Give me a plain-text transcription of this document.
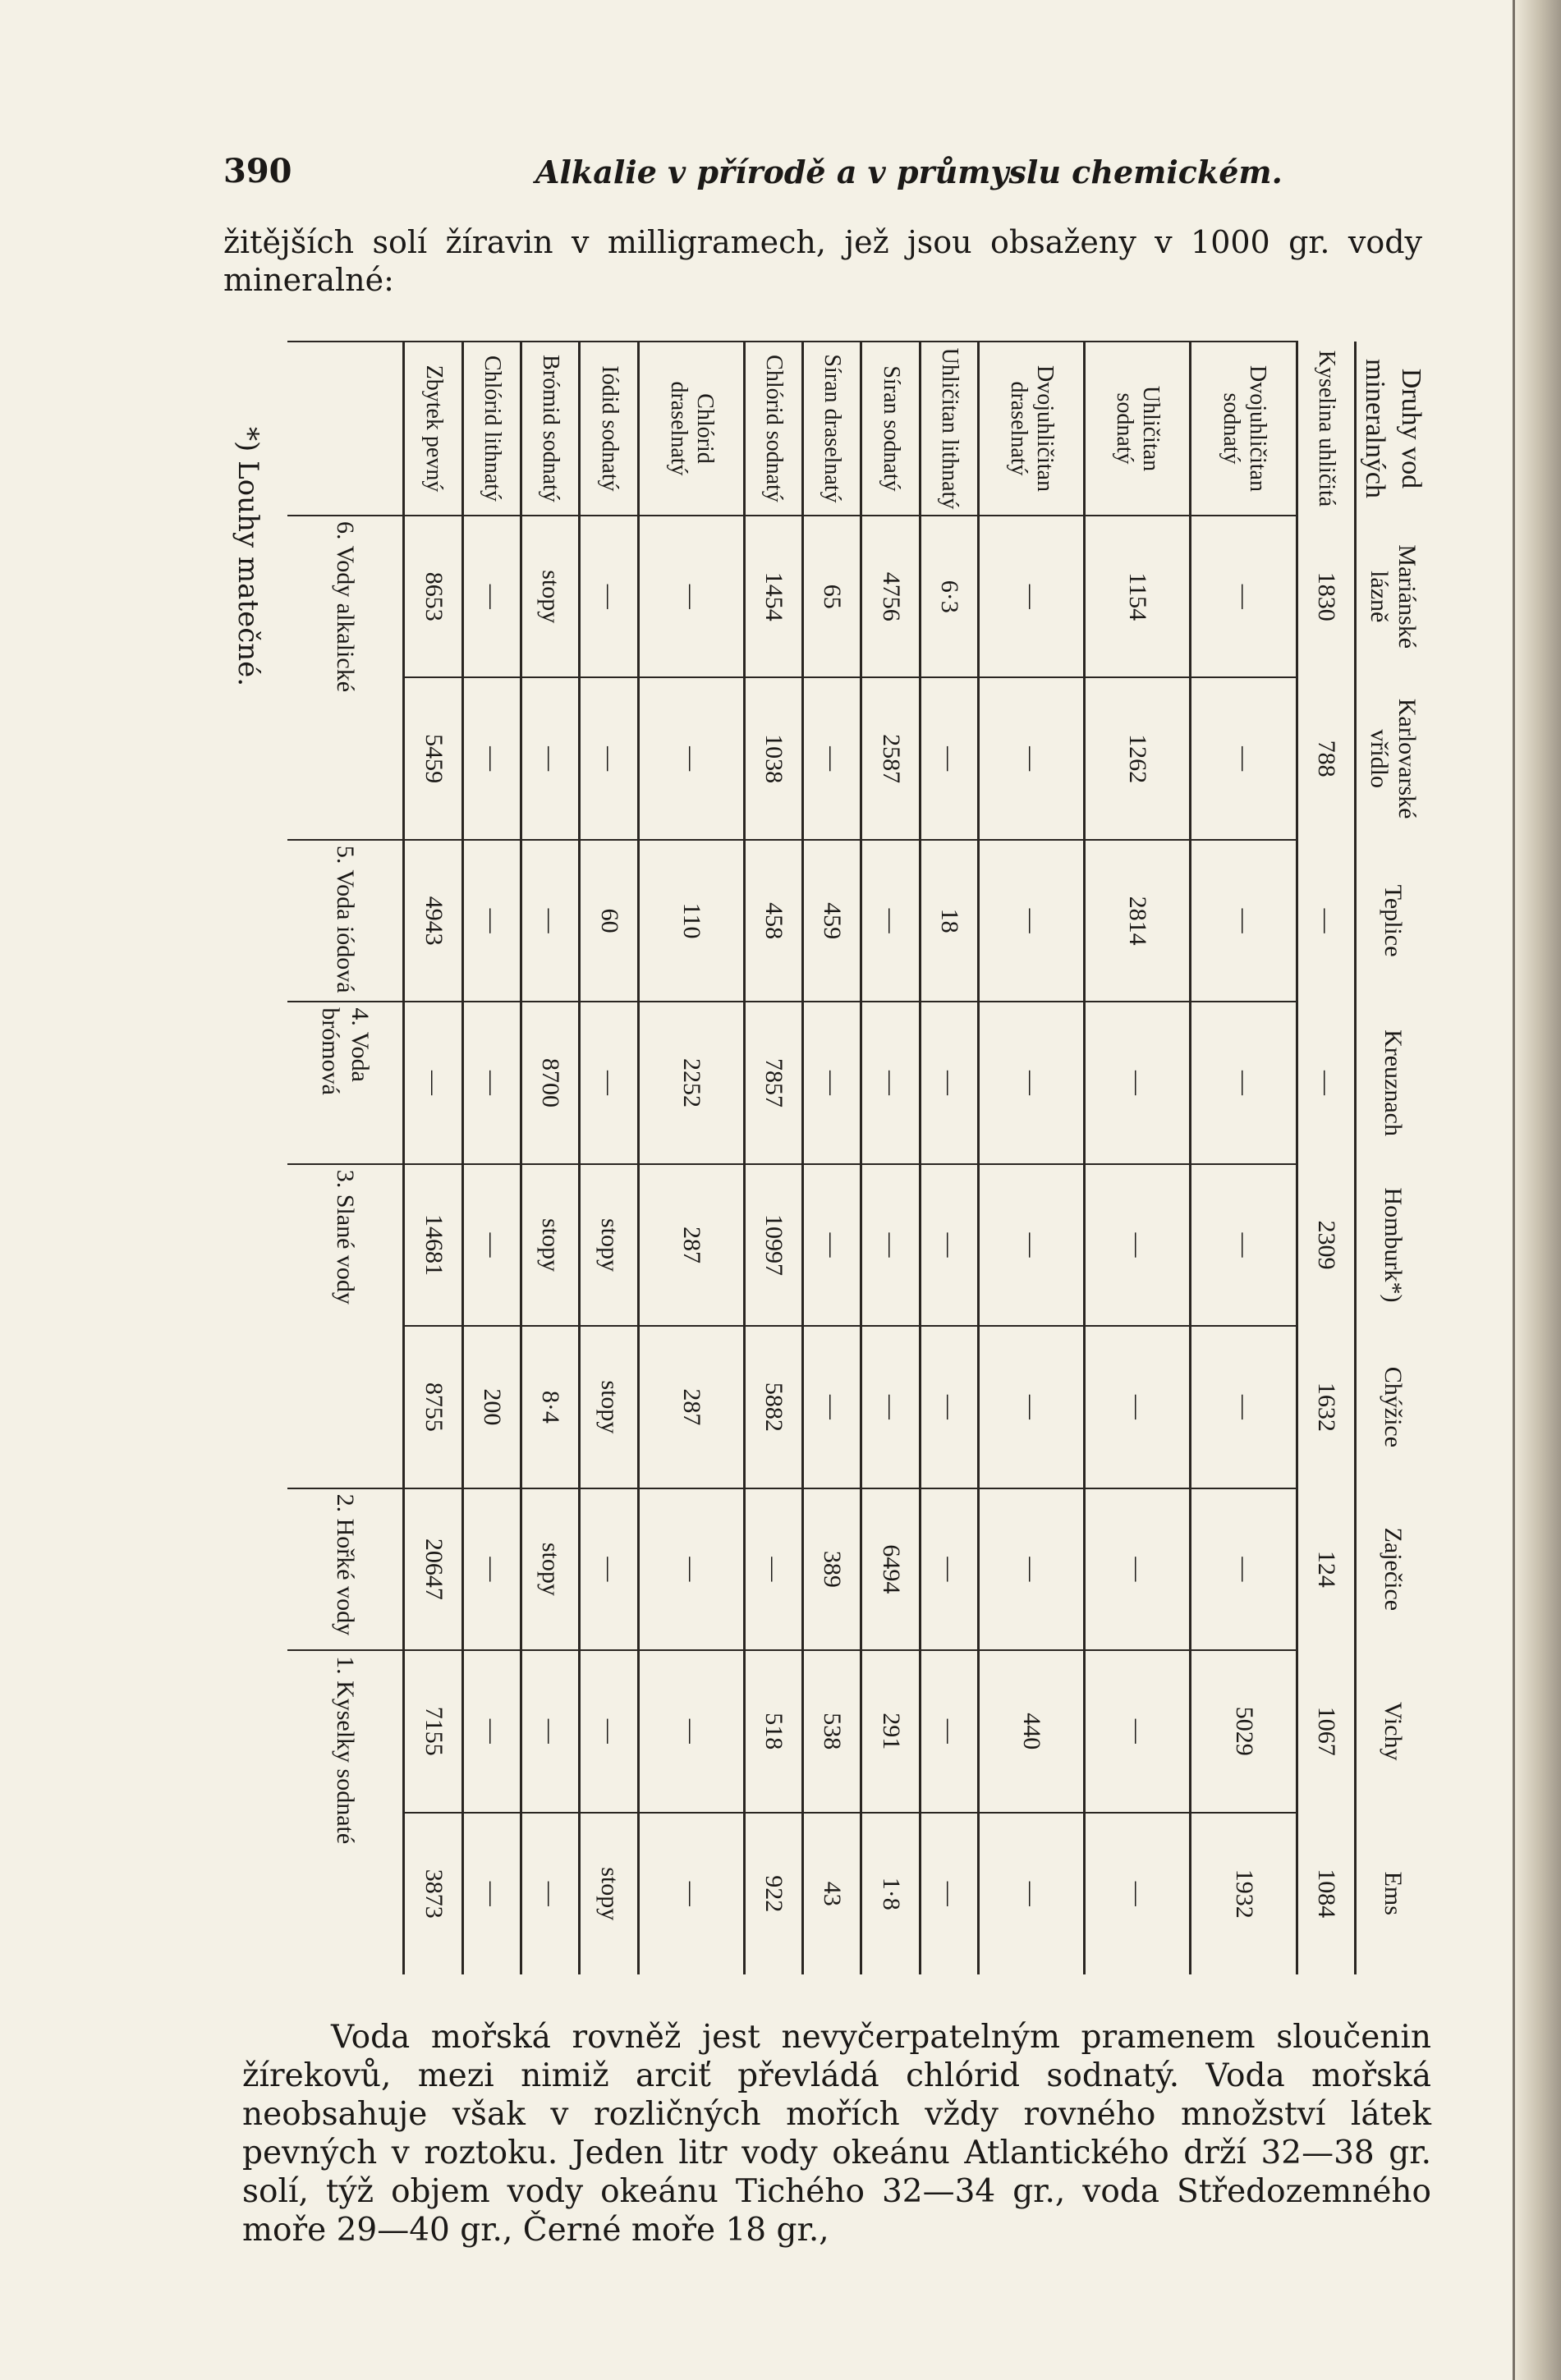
390	Alkalie v přírodě a v průmyslu chemickém.
žitějších solí žíravin v milligramech, jež jsou obsaženy v 1000 gr. vody mineralné:
*) Louhy matečné.	Druhy vod mineralných	Mariánské lázně	Karlovarské vřídlo	Teplice	Kreuznach	Homburk*)	Chýžice	Zaječice	Vichy	Ems
Kyselina uhličitá	1830	788	—	—	2309	1632	124	1067	1084
Dvojuhličitan sodnatý	—	—	—	—	—	—	—	5029	1932
Uhličitan sodnatý	1154	1262	2814	—	—	—	—	—	—
Dvojuhličitan draselnatý	—	—	—	—	—	—	—	440	—
Uhličitan lithnatý	6·3	—	18	—	—	—	—	—	—
Síran sodnatý	4756	2587	—	—	—	—	6494	291	1·8
Síran draselnatý	65	—	459	—	—	—	389	538	43
Chlórid sodnatý	1454	1038	458	7857	10997	5882	—	518	922
Chlórid draselnatý	—	—	110	2252	287	287	—	—	—
Iódid sodnatý	—	—	60	—	stopy	stopy	—	—	stopy
Brómid sodnatý	stopy	—	—	8700	stopy	8·4	stopy	—	—
Chlórid lithnatý	—	—	—	—	—	200	—	—	—
Zbytek pevný	8653	5459	4943	—	14681	8755	20647	7155	3873
	6. Vody alkalické		5. Voda iódová	4. Voda brómová	3. Slané vody		2. Hořké vody	1. Kyselky sodnaté	

Voda mořská rovněž jest nevyčerpatelným pramenem sloučenin žírekovů, mezi nimiž arciť převládá chlórid sodnatý. Voda mořská neobsahuje však v rozličných mořích vždy rovného množství látek pevných v roztoku. Jeden litr vody okeánu Atlantického drží 32—38 gr. solí, týž objem vody okeánu Tichého 32—34 gr., voda Středozemného moře 29—40 gr., Černé moře 18 gr.,
